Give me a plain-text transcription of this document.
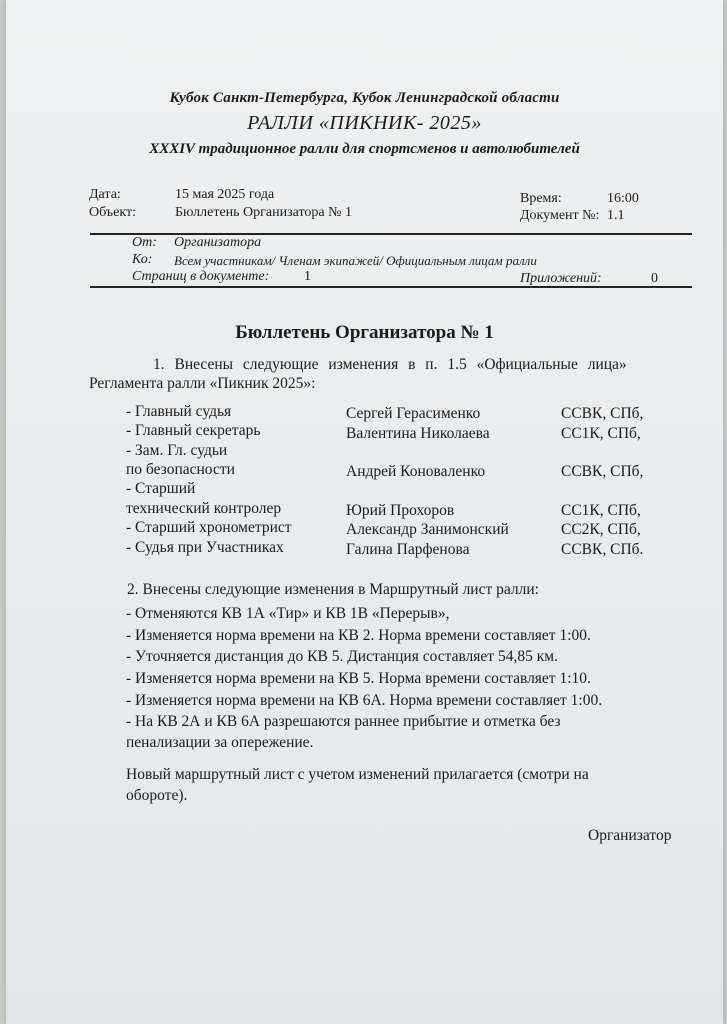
Кубок Санкт-Петербурга, Кубок Ленинградской области
РАЛЛИ «ПИКНИК- 2025»
XXXIV традиционное ралли для спортсменов и автолюбителей
Дата:	15 мая 2025 года
Объект:	Бюллетень Организатора № 1
Время:	16:00
Документ №: 1.1
От: Организатора
Ко: Всем участникам/ Членам экипажей/ Официальным лицам ралли
Страниц в документе: 1	Приложений:	0
Бюллетень Организатора № 1
1. Внесены следующие изменения в п. 1.5 «Официальные лица»
Регламента ралли «Пикник 2025»:
- Главный судья	Сергей Герасименко	ССВК, СПб,
- Главный секретарь	Валентина Николаева	СС1К, СПб,
- Зам. Гл. судьи
по безопасности	Андрей Коноваленко	ССВК, СПб,
- Старший
технический контролер	Юрий Прохоров	СС1К, СПб,
- Старший хронометрист	Александр Занимонский	СС2К, СПб,
- Судья при Участниках	Галина Парфенова	ССВК, СПб.
2. Внесены следующие изменения в Маршрутный лист ралли:
- Отменяются КВ 1А «Тир» и КВ 1В «Перерыв»,
- Изменяется норма времени на КВ 2. Норма времени составляет 1:00.
- Уточняется дистанция до КВ 5. Дистанция составляет 54,85 км.
- Изменяется норма времени на КВ 5. Норма времени составляет 1:10.
- Изменяется норма времени на КВ 6А. Норма времени составляет 1:00.
- На КВ 2А и КВ 6А разрешаются раннее прибытие и отметка без
пенализации за опережение.
Новый маршрутный лист с учетом изменений прилагается (смотри на
обороте).
Организатор
